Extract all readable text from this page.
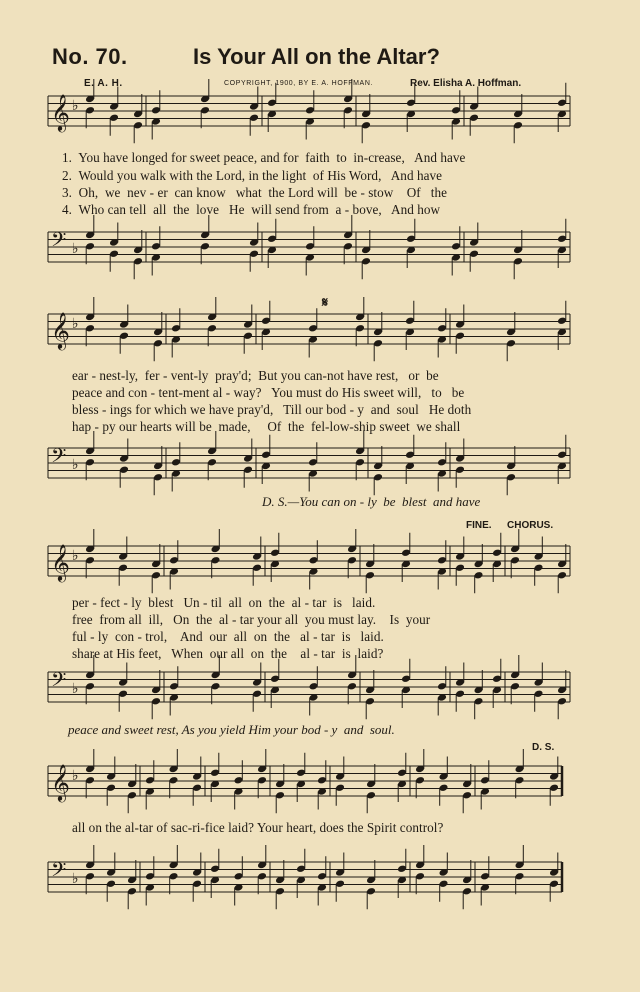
No. 70.	Is Your All on the Altar?
E. A. H.	COPYRIGHT, 1900, BY E. A. HOFFMAN.	Rev. Elisha A. Hoffman.
𝄞 ♭
1.  You have longed for sweet peace, and for  faith  to  in-crease,   And have
2.  Would you walk with the Lord, in the light  of His Word,   And have
3.  Oh,  we  nev - er  can know   what  the Lord will  be - stow    Of   the
4.  Who can tell  all  the  love   He  will send from  a - bove,   And how
𝄢 ♭
𝄋
𝄞 ♭
ear - nest-ly,  fer - vent-ly  pray'd;  But you can-not have rest,   or  be
peace and con - tent-ment al - way?   You must do His sweet will,   to   be
bless - ings for which we have pray'd,   Till our bod - y  and  soul   He doth
hap - py our hearts will be  made,     Of  the  fel-low-ship sweet  we shall
𝄢 ♭
D. S.—You can on - ly  be  blest  and have
FINE. CHORUS.
𝄞 ♭
per - fect - ly  blest   Un - til  all  on  the  al - tar  is   laid.
free  from all  ill,   On  the  al - tar your all  you must lay.    Is  your
ful - ly  con - trol,    And  our  all  on  the   al - tar  is   laid.
share at His feet,   When  our all  on  the    al - tar  is  laid?
𝄢 ♭
peace and sweet rest, As you yield Him your bod - y  and  soul.
D. S.
𝄞 ♭
all on the al-tar of sac-ri-fice laid? Your heart, does the Spirit control?
𝄢 ♭
